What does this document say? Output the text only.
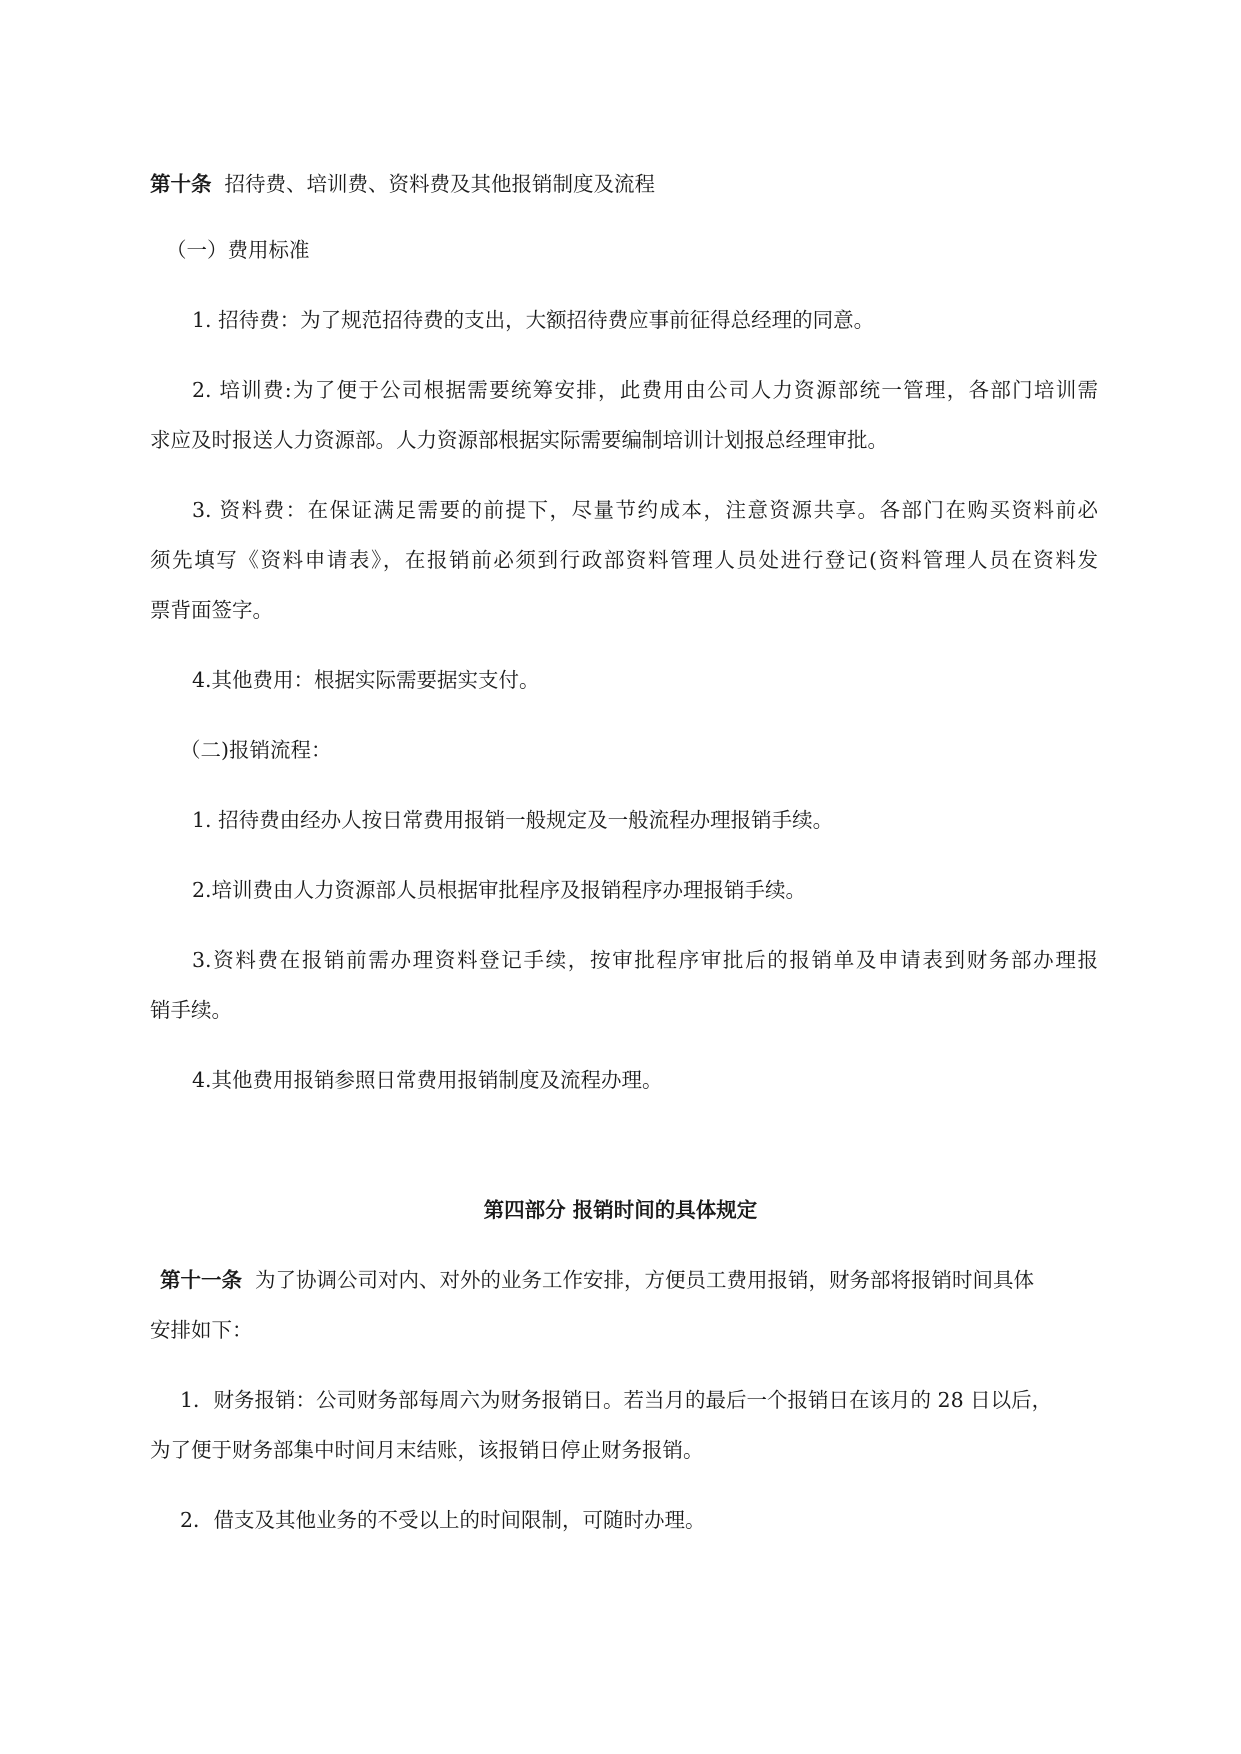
第十条 招待费、培训费、资料费及其他报销制度及流程
（一）费用标准
1. 招待费：为了规范招待费的支出，大额招待费应事前征得总经理的同意。
2. 培训费:为了便于公司根据需要统筹安排，此费用由公司人力资源部统一管理，各部门培训需
求应及时报送人力资源部。人力资源部根据实际需要编制培训计划报总经理审批。
3. 资料费：在保证满足需要的前提下，尽量节约成本，注意资源共享。各部门在购买资料前必
须先填写《资料申请表》，在报销前必须到行政部资料管理人员处进行登记(资料管理人员在资料发
票背面签字。
4.其他费用：根据实际需要据实支付。
（二)报销流程：
1. 招待费由经办人按日常费用报销一般规定及一般流程办理报销手续。
2.培训费由人力资源部人员根据审批程序及报销程序办理报销手续。
3.资料费在报销前需办理资料登记手续，按审批程序审批后的报销单及申请表到财务部办理报
销手续。
4.其他费用报销参照日常费用报销制度及流程办理。
第四部分 报销时间的具体规定
第十一条 为了协调公司对内、对外的业务工作安排，方便员工费用报销，财务部将报销时间具体
安排如下：
1．财务报销：公司财务部每周六为财务报销日。若当月的最后一个报销日在该月的 28 日以后，
为了便于财务部集中时间月末结账，该报销日停止财务报销。
2．借支及其他业务的不受以上的时间限制，可随时办理。
